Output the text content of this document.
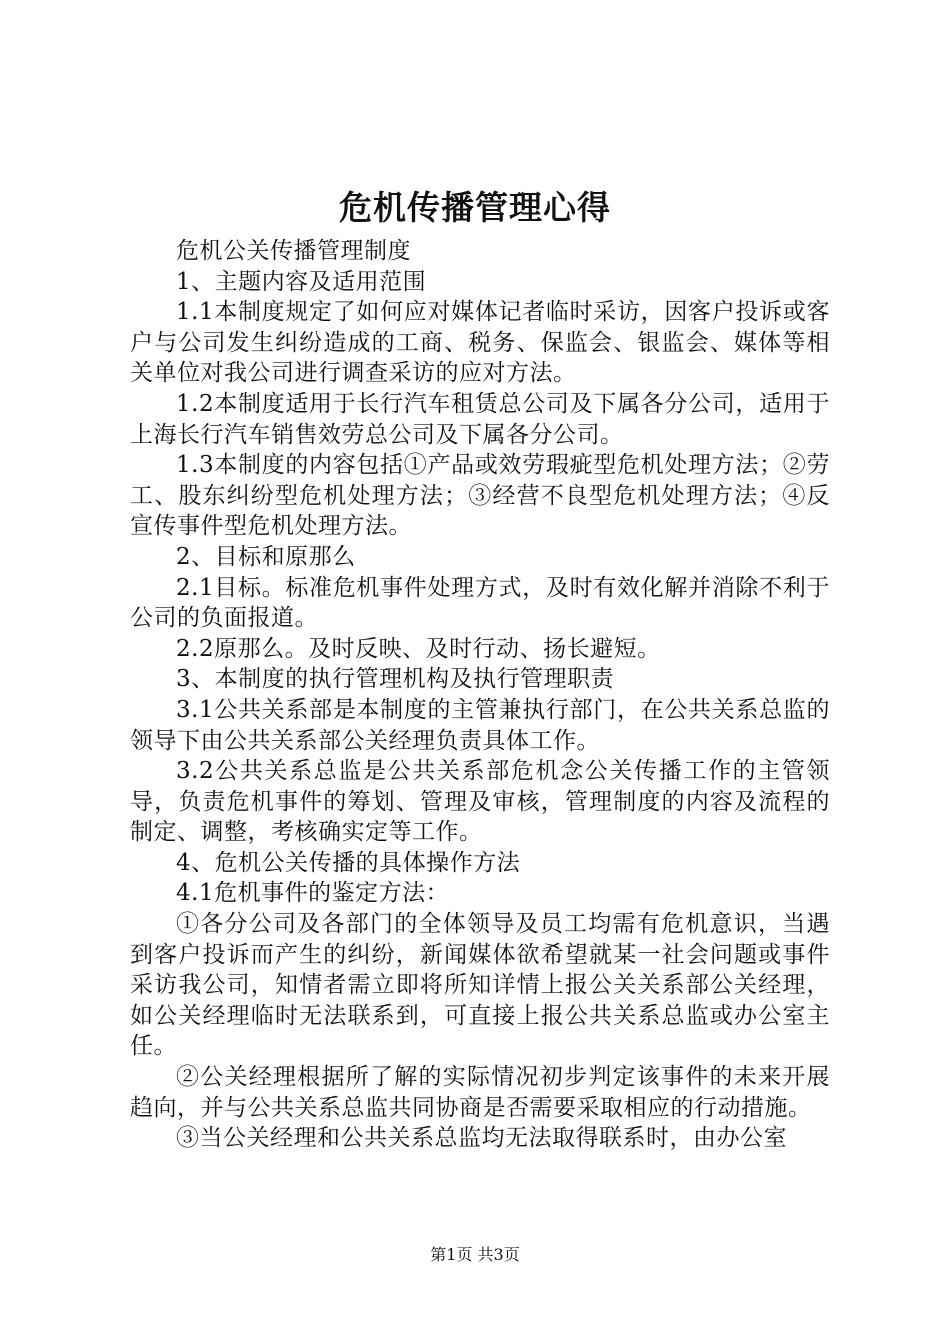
危机传播管理心得

危机公关传播管理制度

1、主题内容及适用范围

1.1本制度规定了如何应对媒体记者临时采访，因客户投诉或客户与公司发生纠纷造成的工商、税务、保监会、银监会、媒体等相关单位对我公司进行调查采访的应对方法。

1.2本制度适用于长行汽车租赁总公司及下属各分公司，适用于上海长行汽车销售效劳总公司及下属各分公司。

1.3本制度的内容包括①产品或效劳瑕疵型危机处理方法；②劳工、股东纠纷型危机处理方法；③经营不良型危机处理方法；④反宣传事件型危机处理方法。

2、目标和原那么

2.1目标。标准危机事件处理方式，及时有效化解并消除不利于公司的负面报道。

2.2原那么。及时反映、及时行动、扬长避短。

3、本制度的执行管理机构及执行管理职责

3.1公共关系部是本制度的主管兼执行部门，在公共关系总监的领导下由公共关系部公关经理负责具体工作。

3.2公共关系总监是公共关系部危机念公关传播工作的主管领导，负责危机事件的筹划、管理及审核，管理制度的内容及流程的制定、调整，考核确实定等工作。

4、危机公关传播的具体操作方法

4.1危机事件的鉴定方法：

①各分公司及各部门的全体领导及员工均需有危机意识，当遇到客户投诉而产生的纠纷，新闻媒体欲希望就某一社会问题或事件采访我公司，知情者需立即将所知详情上报公关关系部公关经理，如公关经理临时无法联系到，可直接上报公共关系总监或办公室主任。

②公关经理根据所了解的实际情况初步判定该事件的未来开展趋向，并与公共关系总监共同协商是否需要采取相应的行动措施。

③当公关经理和公共关系总监均无法取得联系时，由办公室

第1页 共3页
